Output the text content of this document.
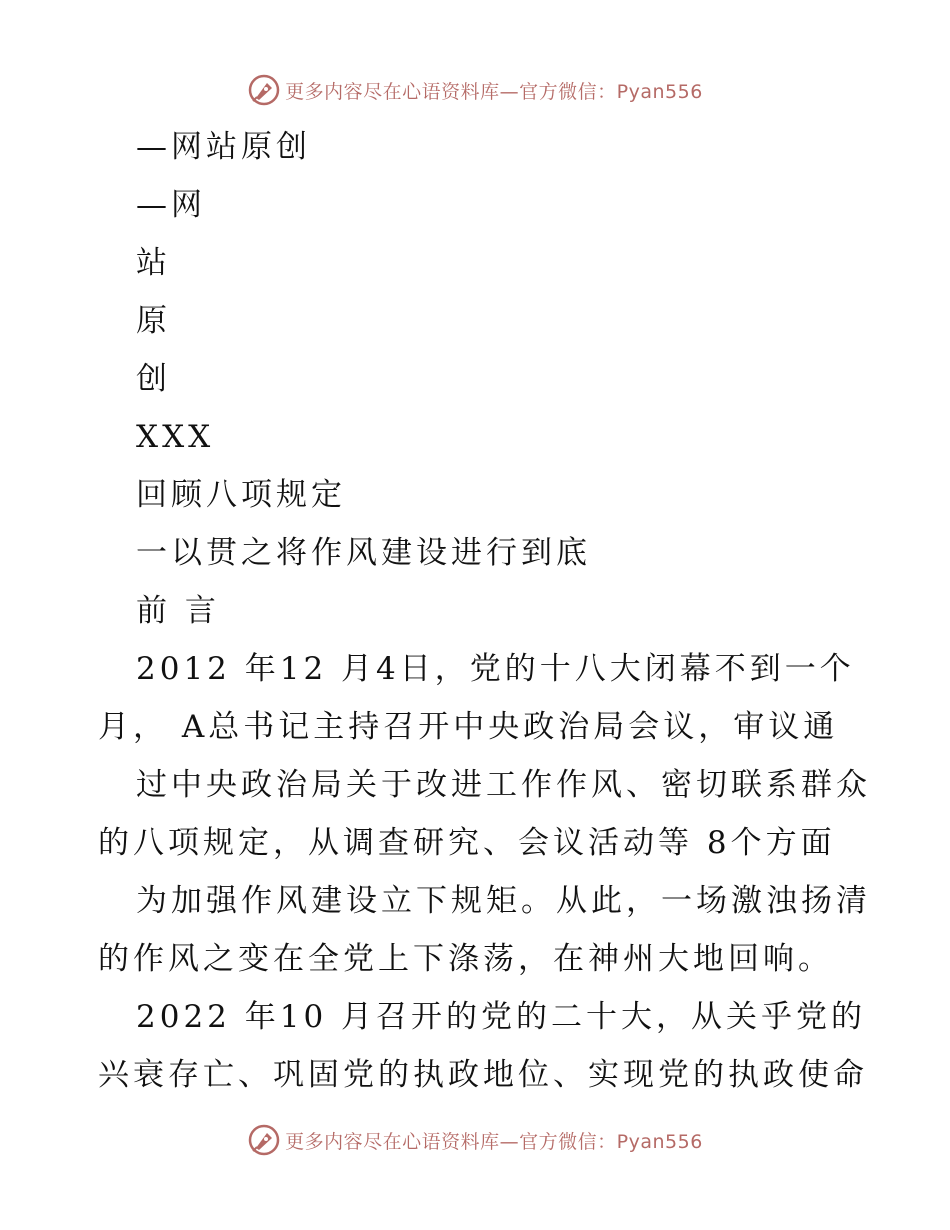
更多内容尽在心语资料库—官方微信：Pyan556
—网站原创
—网
站
原
创
XXX
回顾八项规定
一以贯之将作风建设进行到底
前 言
2012 年12 月4日，党的十八大闭幕不到一个
月， A总书记主持召开中央政治局会议，审议通
过中央政治局关于改进工作作风、密切联系群众
的八项规定，从调查研究、会议活动等 8个方面
为加强作风建设立下规矩。从此，一场激浊扬清
的作风之变在全党上下涤荡，在神州大地回响。
2022 年10 月召开的党的二十大，从关乎党的
兴衰存亡、巩固党的执政地位、实现党的执政使命
更多内容尽在心语资料库—官方微信：Pyan556
